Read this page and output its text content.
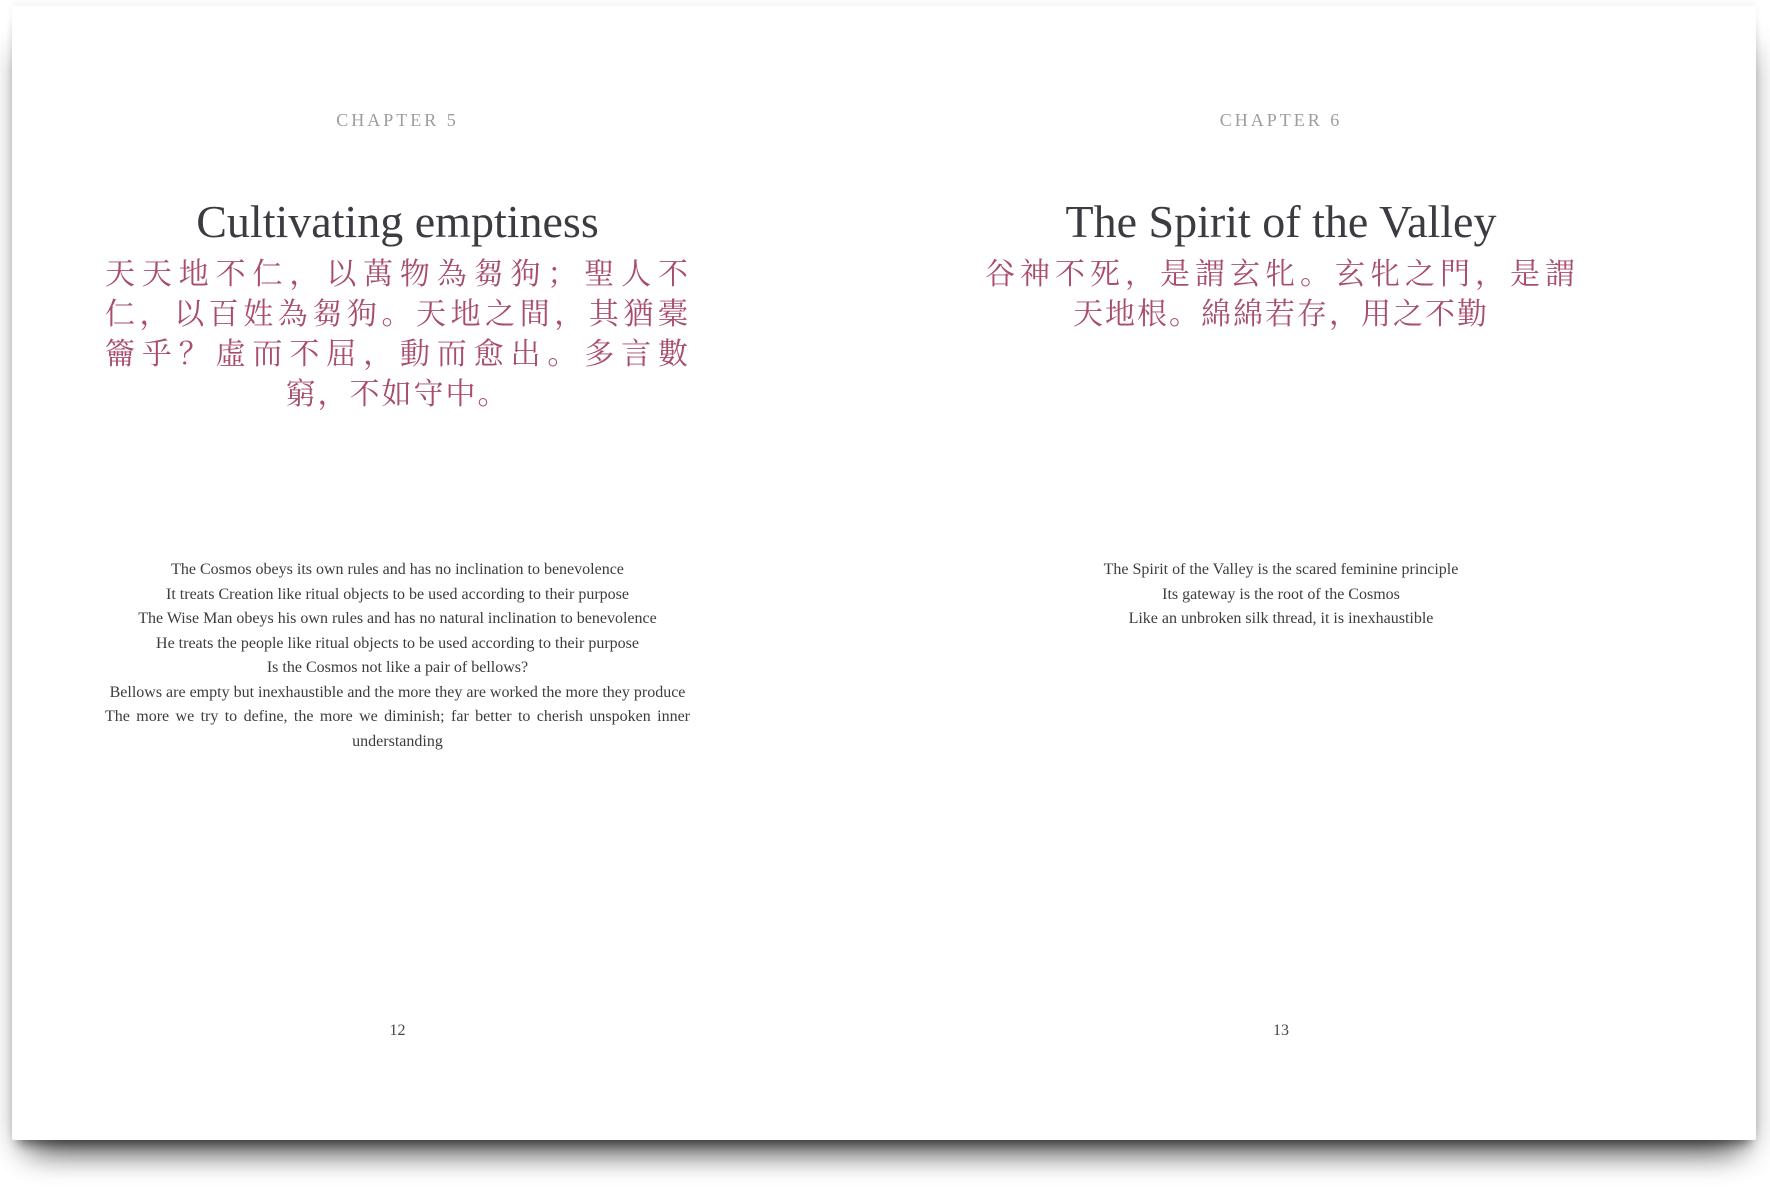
CHAPTER 5
Cultivating emptiness
天天地不仁，以萬物為芻狗；聖人不
仁，以百姓為芻狗。天地之間，其猶橐
籥乎？虛而不屈，動而愈出。多言數
窮，不如守中。

The Cosmos obeys its own rules and has no inclination to benevolence

It treats Creation like ritual objects to be used according to their purpose

The Wise Man obeys his own rules and has no natural inclination to benevolence

He treats the people like ritual objects to be used according to their purpose

Is the Cosmos not like a pair of bellows?

Bellows are empty but inexhaustible and the more they are worked the more they produce

The more we try to define, the more we diminish; far better to cherish unspoken inner understanding

12
CHAPTER 6
The Spirit of the Valley
谷神不死，是謂玄牝。玄牝之門，是謂
天地根。綿綿若存，用之不勤

The Spirit of the Valley is the scared feminine principle

Its gateway is the root of the Cosmos

Like an unbroken silk thread, it is inexhaustible

13
